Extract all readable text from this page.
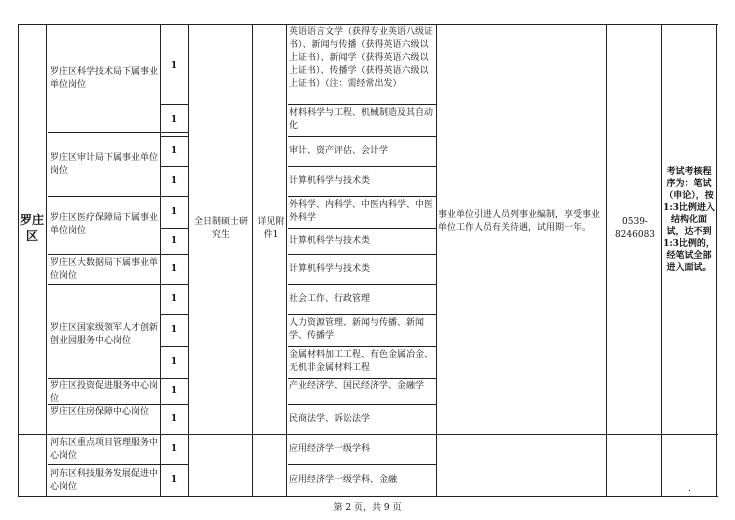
罗庄区
全日制硕士研究生
详见附件1
事业单位引进人员列事业编制，享受事业单位工作人员有关待遇，试用期一年。
0539-8246083
考试考核程序为：笔试（申论），按1:3比例进入结构化面试，达不到1:3比例的，经笔试全部进入面试。
罗庄区科学技术局下属事业单位岗位
罗庄区审计局下属事业单位岗位
罗庄区医疗保障局下属事业单位岗位
罗庄区大数据局下属事业单位岗位
罗庄区国家级领军人才创新创业园服务中心岗位
罗庄区投资促进服务中心岗位
罗庄区住房保障中心岗位
河东区重点项目管理服务中心岗位
河东区科技服务发展促进中心岗位
1
1
1
1
1
1
1
1
1
1
1
1
1
1
英语语言文学（获得专业英语八级证书）、新闻与传播（获得英语六级以上证书）、新闻学（获得英语六级以上证书）、传播学（获得英语六级以上证书）（注：需经常出发）
材料科学与工程、机械制造及其自动化
审计、资产评估、会计学
计算机科学与技术类
外科学、内科学、中医内科学、中医外科学
计算机科学与技术类
计算机科学与技术类
社会工作、行政管理
人力资源管理、新闻与传播、新闻学、传播学
金属材料加工工程、有色金属冶金、无机非金属材料工程
产业经济学、国民经济学、金融学
民商法学、诉讼法学
应用经济学一级学科
应用经济学一级学科、金融
.
第 2 页，共 9 页
